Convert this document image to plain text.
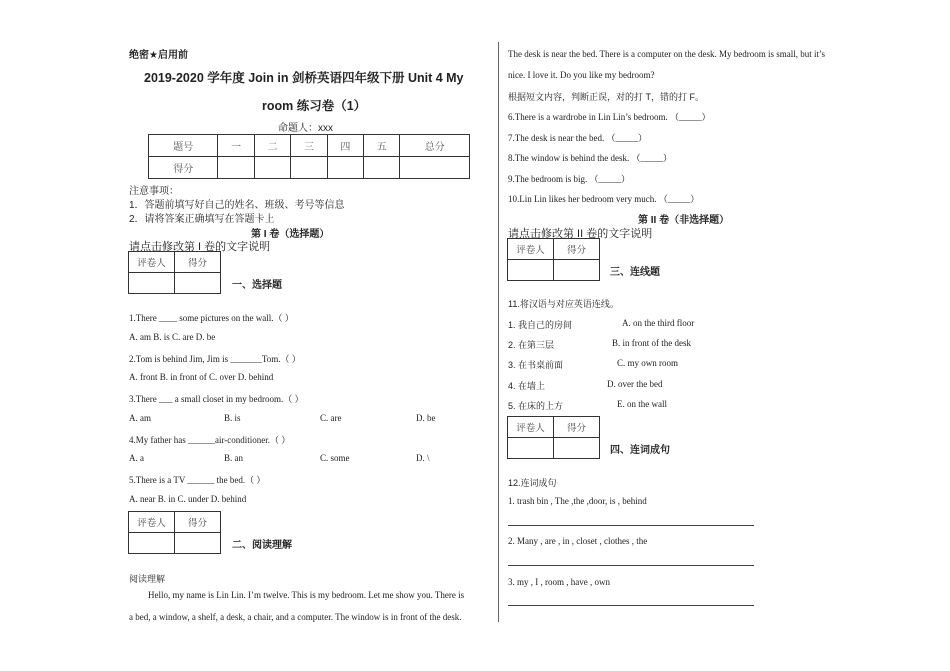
绝密★启用前
2019-2020 学年度 Join in 剑桥英语四年级下册 Unit 4 My
room 练习卷（1）
命题人：xxx
题号	一	二	三	四	五	总分
得分						
注意事项：
1．答题前填写好自己的姓名、班级、考号等信息
2．请将答案正确填写在答题卡上
第 I 卷（选择题）
请点击修改第 I 卷的文字说明
评卷人	得分

一、选择题
1.There ____ some pictures on the wall.（ ）
A. am B. is C. are D. be
2.Tom is behind Jim, Jim is _______Tom.（ ）
A. front B. in front of C. over D. behind
3.There ___ a small closet in my bedroom.（ ）
A. am	B. is	C. are	D. be
4.My father has ______air-conditioner.（ ）
A. a	B. an	C. some	D. \
5.There is a TV ______ the bed.（ ）
A. near B. in C. under D. behind
评卷人	得分

二、阅读理解
阅读理解
Hello, my name is Lin Lin. I’m twelve. This is my bedroom. Let me show you. There is
a bed, a window, a shelf, a desk, a chair, and a computer. The window is in front of the desk.
The desk is near the bed. There is a computer on the desk. My bedroom is small, but it’s
nice. I love it. Do you like my bedroom?
根据短文内容，判断正误，对的打 T，错的打 F。
6.There is a wardrobe in Lin Lin’s bedroom. （_____）
7.The desk is near the bed. （_____）
8.The window is behind the desk. （_____）
9.The bedroom is big. （_____）
10.Lin Lin likes her bedroom very much. （_____）
第 II 卷（非选择题）
请点击修改第 II 卷的文字说明
评卷人	得分

三、连线题
11.将汉语与对应英语连线。
1. 我自己的房间	A. on the third floor
2. 在第三层	B. in front of the desk
3. 在书桌前面	C. my own room
4. 在墙上	D. over the bed
5. 在床的上方	E. on the wall
评卷人	得分

四、连词成句
12.连词成句
1. trash bin , The ,the ,door, is , behind
2. Many , are , in , closet , clothes , the
3. my , I , room , have , own
